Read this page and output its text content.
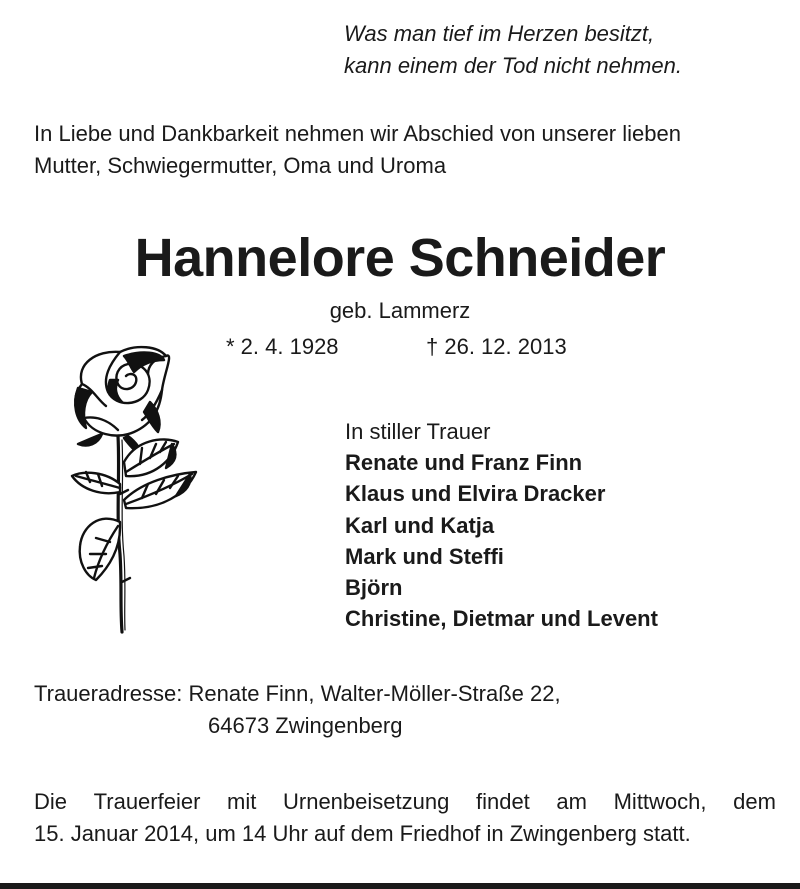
Was man tief im Herzen besitzt,
kann einem der Tod nicht nehmen.
In Liebe und Dankbarkeit nehmen wir Abschied von unserer lieben
Mutter, Schwiegermutter, Oma und Uroma
Hannelore Schneider
geb. Lammerz
* 2. 4. 1928	† 26. 12. 2013
In stiller Trauer
Renate und Franz Finn
Klaus und Elvira Dracker
Karl und Katja
Mark und Steffi
Björn
Christine, Dietmar und Levent
Traueradresse: Renate Finn, Walter-Möller-Straße 22,
64673 Zwingenberg
Die Trauerfeier mit Urnenbeisetzung findet am Mittwoch, dem
15. Januar 2014, um 14 Uhr auf dem Friedhof in Zwingenberg statt.
